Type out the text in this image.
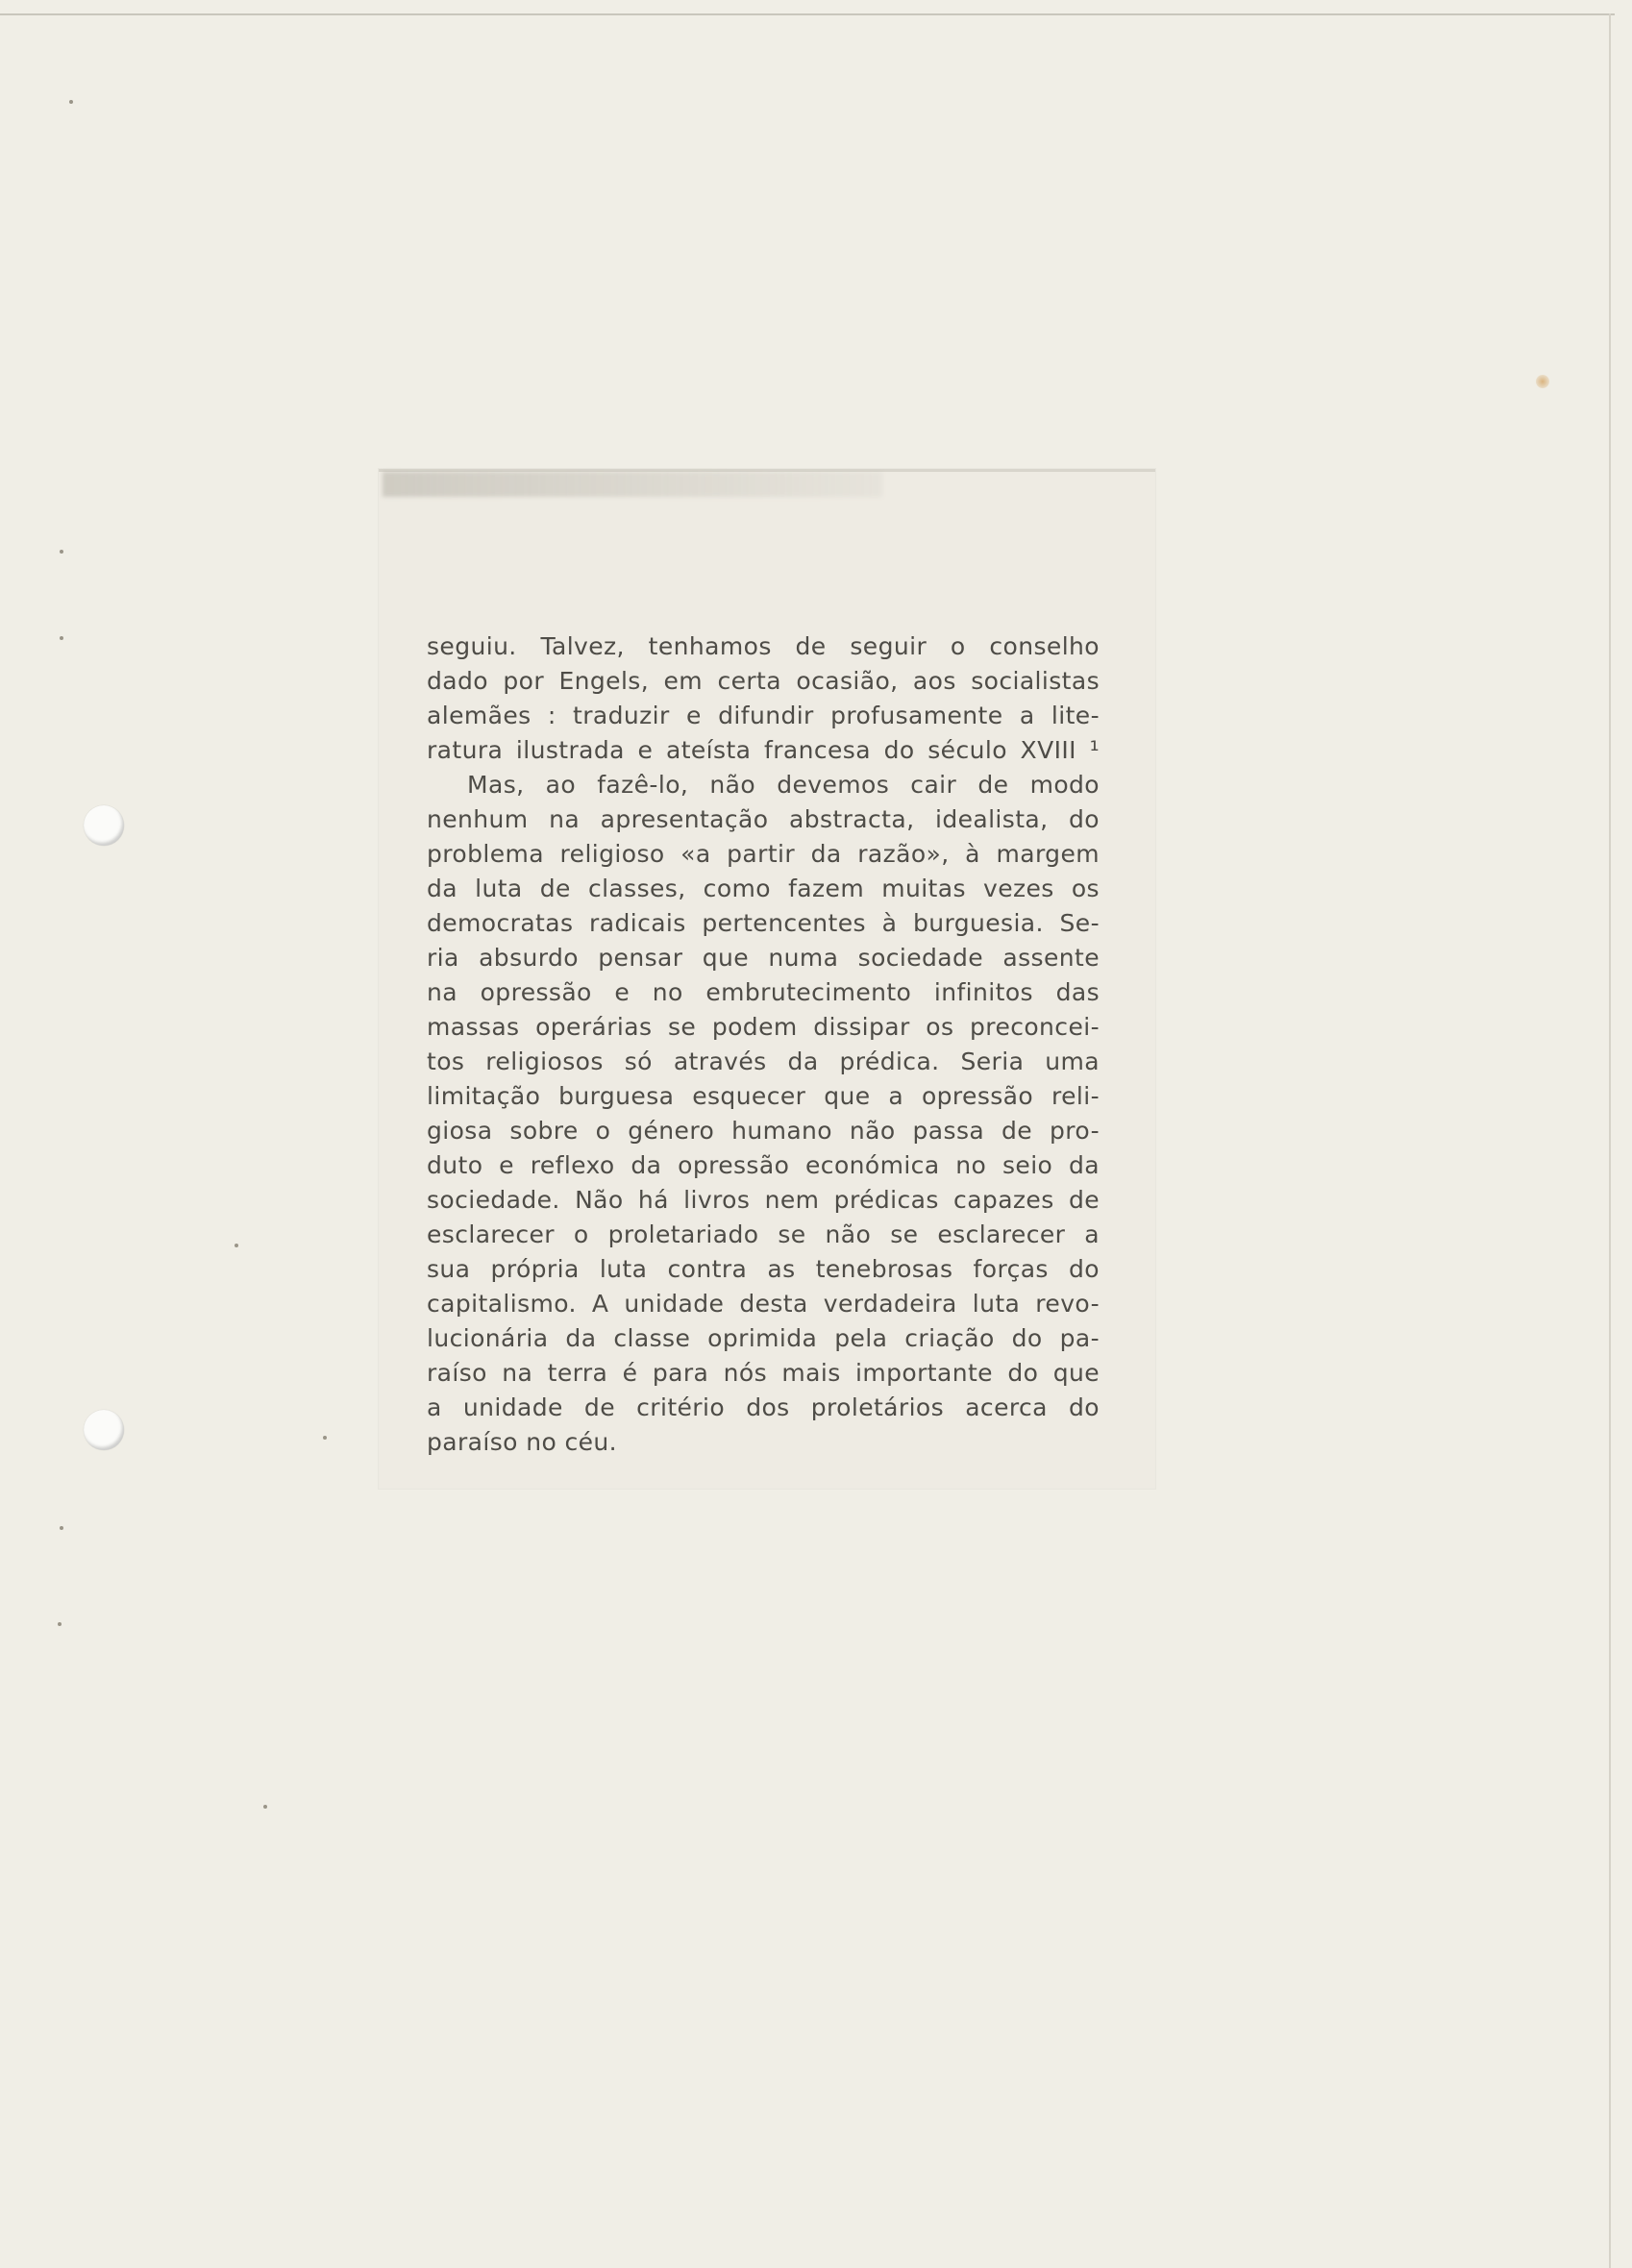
seguiu. Talvez, tenhamos de seguir o conselho
dado por Engels, em certa ocasião, aos socialistas
alemães : traduzir e difundir profusamente a lite-
ratura ilustrada e ateísta francesa do século XVIII ¹
Mas, ao fazê-lo, não devemos cair de modo
nenhum na apresentação abstracta, idealista, do
problema religioso «a partir da razão», à margem
da luta de classes, como fazem muitas vezes os
democratas radicais pertencentes à burguesia. Se-
ria absurdo pensar que numa sociedade assente
na opressão e no embrutecimento infinitos das
massas operárias se podem dissipar os preconcei-
tos religiosos só através da prédica. Seria uma
limitação burguesa esquecer que a opressão reli-
giosa sobre o género humano não passa de pro-
duto e reflexo da opressão económica no seio da
sociedade. Não há livros nem prédicas capazes de
esclarecer o proletariado se não se esclarecer a
sua própria luta contra as tenebrosas forças do
capitalismo. A unidade desta verdadeira luta revo-
lucionária da classe oprimida pela criação do pa-
raíso na terra é para nós mais importante do que
a unidade de critério dos proletários acerca do
paraíso no céu.
